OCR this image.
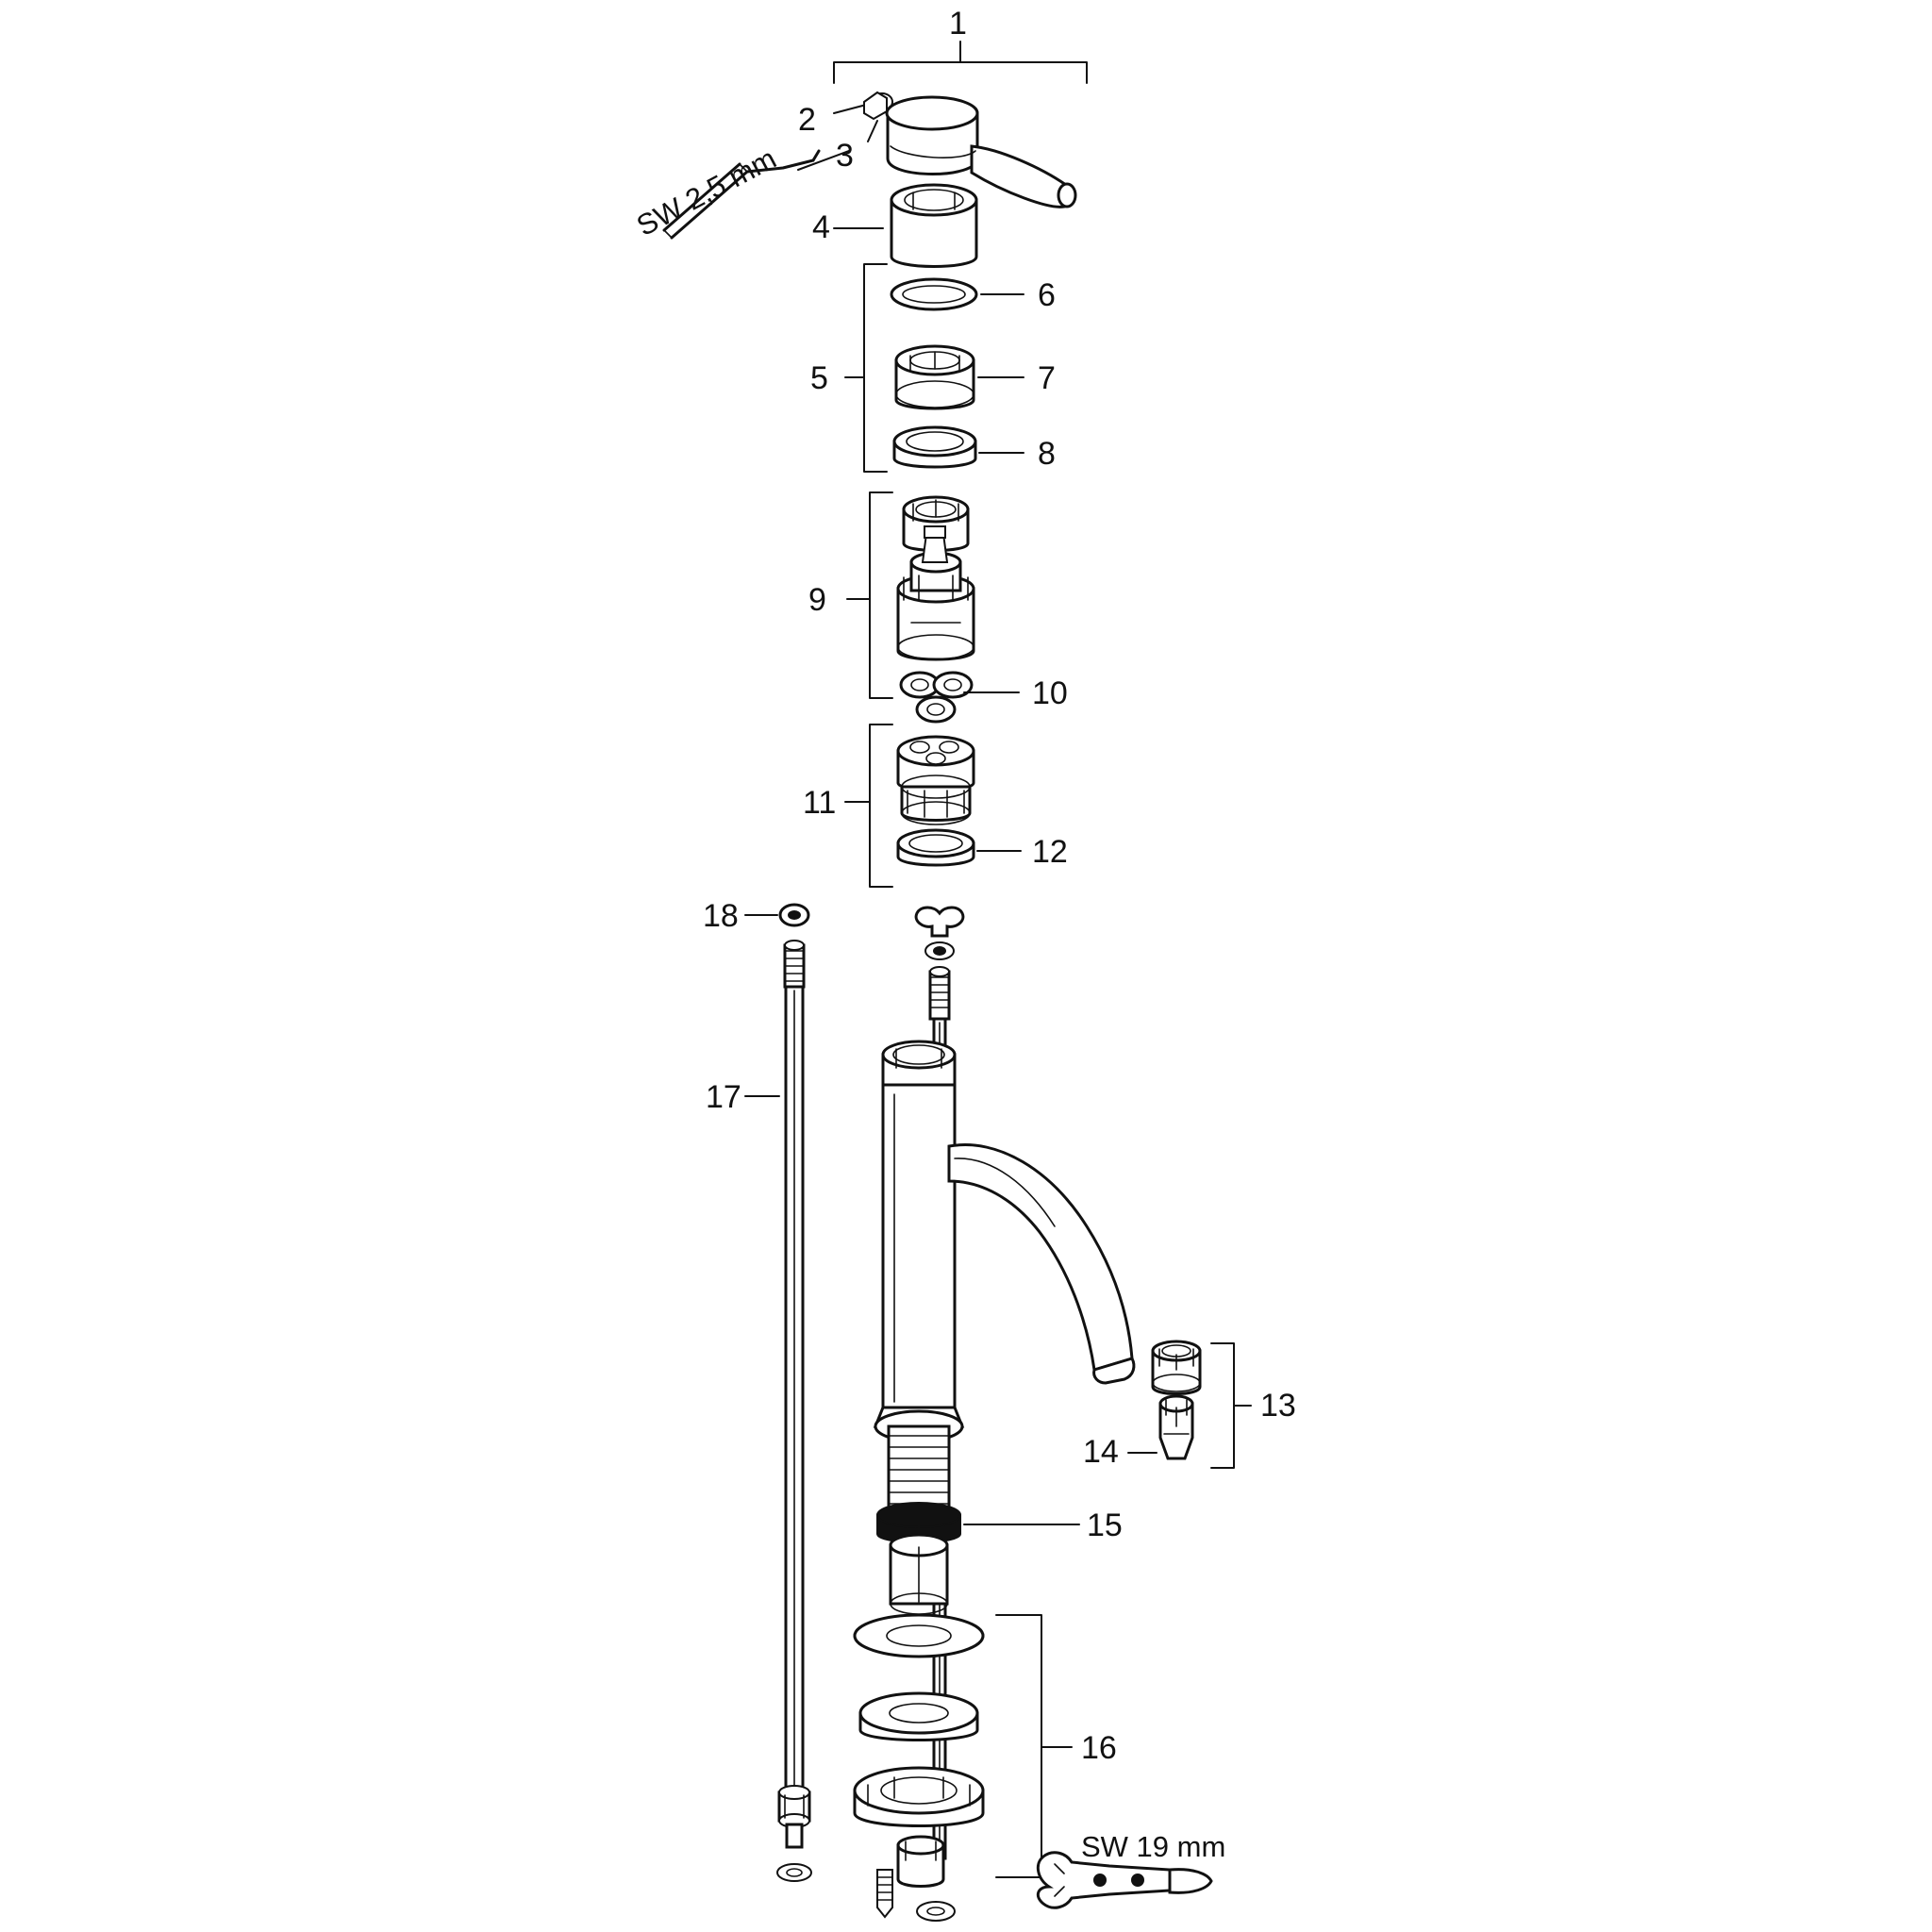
1
2
3
4
5
6
7
8
9
10
11
12
13
14
15
16
17
18
SW 2,5 mm
SW 19 mm
